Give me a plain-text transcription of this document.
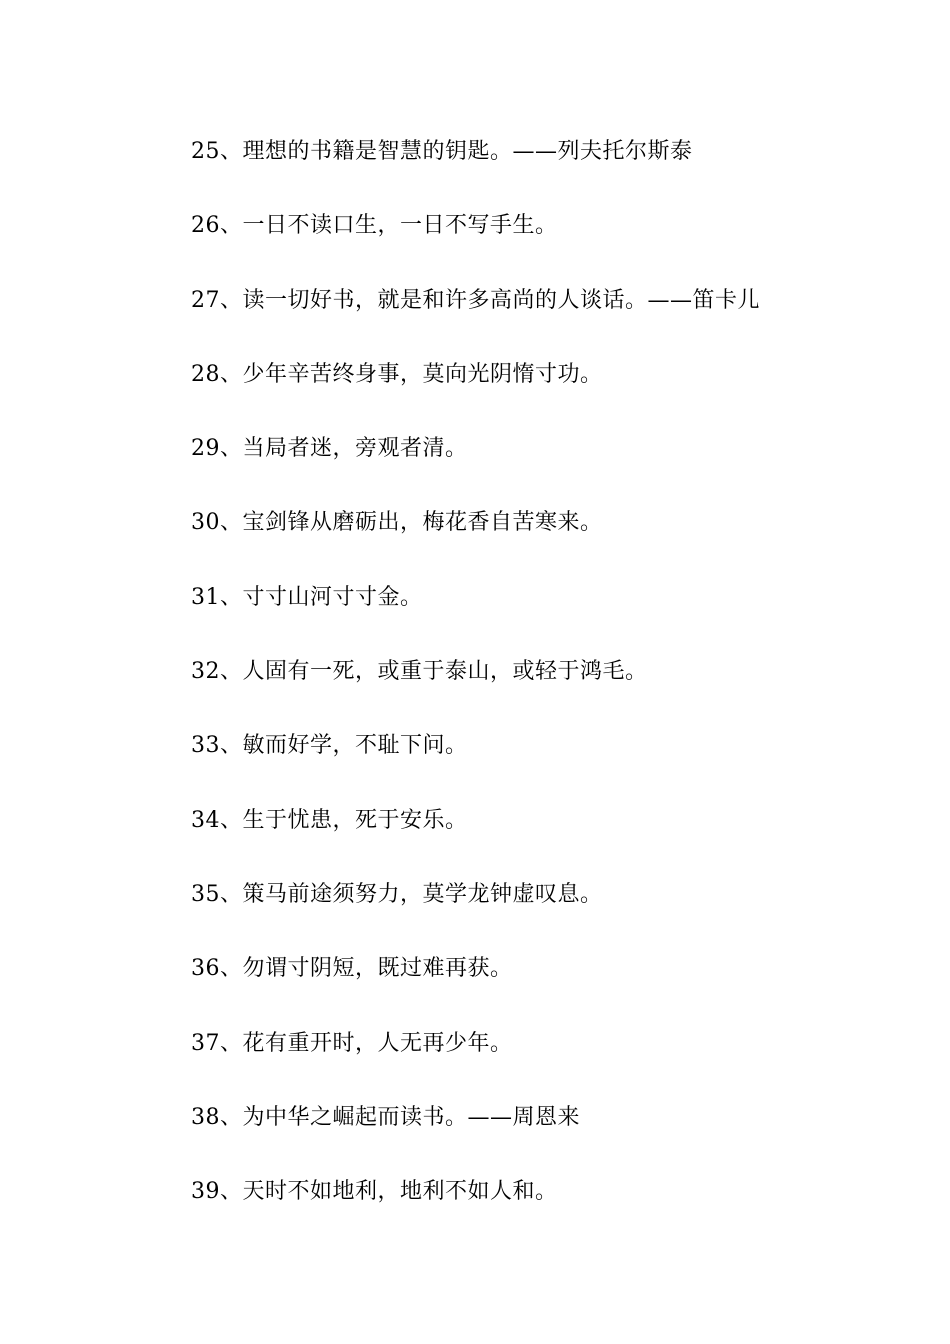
25、理想的书籍是智慧的钥匙。——列夫托尔斯泰
26、一日不读口生，一日不写手生。
27、读一切好书，就是和许多高尚的人谈话。——笛卡儿
28、少年辛苦终身事，莫向光阴惰寸功。
29、当局者迷，旁观者清。
30、宝剑锋从磨砺出，梅花香自苦寒来。
31、寸寸山河寸寸金。
32、人固有一死，或重于泰山，或轻于鸿毛。
33、敏而好学，不耻下问。
34、生于忧患，死于安乐。
35、策马前途须努力，莫学龙钟虚叹息。
36、勿谓寸阴短，既过难再获。
37、花有重开时，人无再少年。
38、为中华之崛起而读书。——周恩来
39、天时不如地利，地利不如人和。
